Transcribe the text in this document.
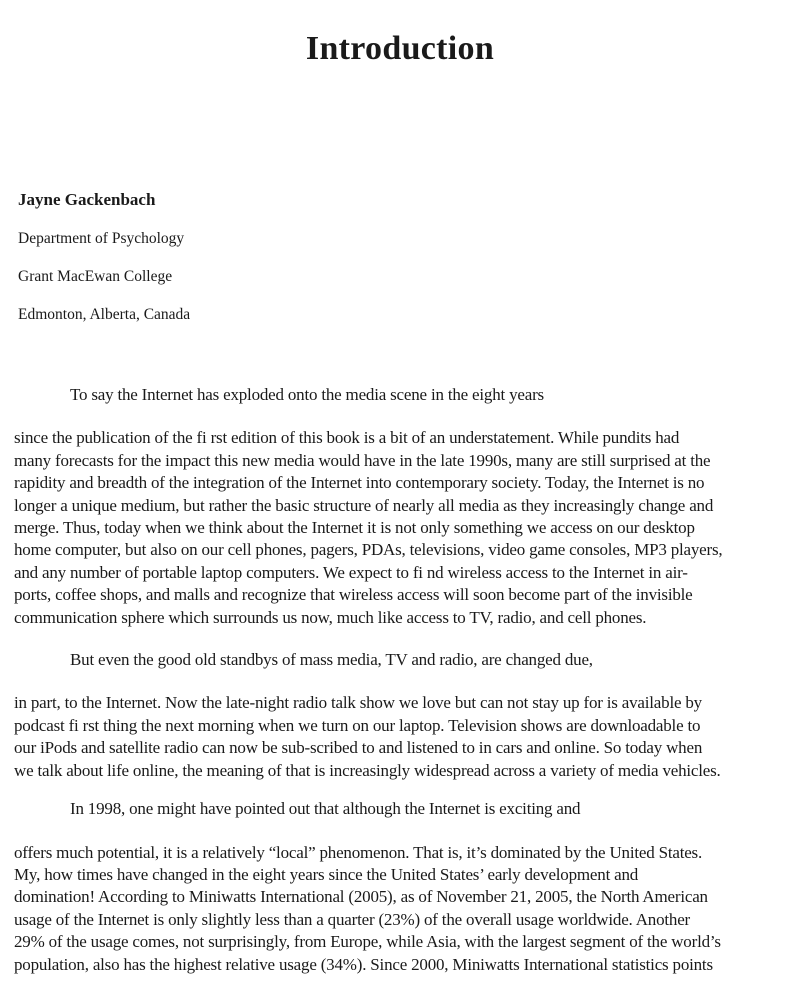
Introduction
Jayne Gackenbach
Department of Psychology
Grant MacEwan College
Edmonton, Alberta, Canada
To say the Internet has exploded onto the media scene in the eight years
since the publication of the fi rst edition of this book is a bit of an understatement. While pundits had
many forecasts for the impact this new media would have in the late 1990s, many are still surprised at the
rapidity and breadth of the integration of the Internet into contemporary society. Today, the Internet is no
longer a unique medium, but rather the basic structure of nearly all media as they increasingly change and
merge. Thus, today when we think about the Internet it is not only something we access on our desktop
home computer, but also on our cell phones, pagers, PDAs, televisions, video game consoles, MP3 players,
and any number of portable laptop computers. We expect to fi nd wireless access to the Internet in air-
ports, coffee shops, and malls and recognize that wireless access will soon become part of the invisible
communication sphere which surrounds us now, much like access to TV, radio, and cell phones.
But even the good old standbys of mass media, TV and radio, are changed due,
in part, to the Internet. Now the late-night radio talk show we love but can not stay up for is available by
podcast fi rst thing the next morning when we turn on our laptop. Television shows are downloadable to
our iPods and satellite radio can now be sub-scribed to and listened to in cars and online. So today when
we talk about life online, the meaning of that is increasingly widespread across a variety of media vehicles.
In 1998, one might have pointed out that although the Internet is exciting and
offers much potential, it is a relatively “local” phenomenon. That is, it’s dominated by the United States.
My, how times have changed in the eight years since the United States’ early development and
domination! According to Miniwatts International (2005), as of November 21, 2005, the North American
usage of the Internet is only slightly less than a quarter (23%) of the overall usage worldwide. Another
29% of the usage comes, not surprisingly, from Europe, while Asia, with the largest segment of the world’s
population, also has the highest relative usage (34%). Since 2000, Miniwatts International statistics points
